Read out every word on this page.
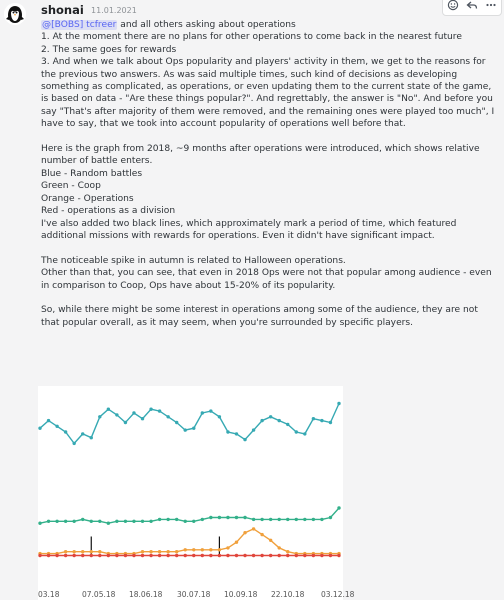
shonai 11.01.2021
@[BOBS] tcfreer and all others asking about operations
1. At the moment there are no plans for other operations to come back in the nearest future
2. The same goes for rewards
3. And when we talk about Ops popularity and players' activity in them, we get to the reasons for the previous two answers. As was said multiple times, such kind of decisions as developing something as complicated, as operations, or even updating them to the current state of the game, is based on data - "Are these things popular?". And regrettably, the answer is "No". And before you say "That's after majority of them were removed, and the remaining ones were played too much", I have to say, that we took into account popularity of operations well before that.

Here is the graph from 2018, ~9 months after operations were introduced, which shows relative number of battle enters.
Blue - Random battles
Green - Coop
Orange - Operations
Red - operations as a division
I've also added two black lines, which approximately mark a period of time, which featured additional missions with rewards for operations. Even it didn't have significant impact.

The noticeable spike in autumn is related to Halloween operations.
Other than that, you can see, that even in 2018 Ops were not that popular among audience - even in comparison to Coop, Ops have about 15-20% of its popularity.

So, while there might be some interest in operations among some of the audience, they are not that popular overall, as it may seem, when you're surrounded by specific players.
03.18	07.05.18 18.06.18 30.07.18 10.09.18 22.10.18 03.12.18
